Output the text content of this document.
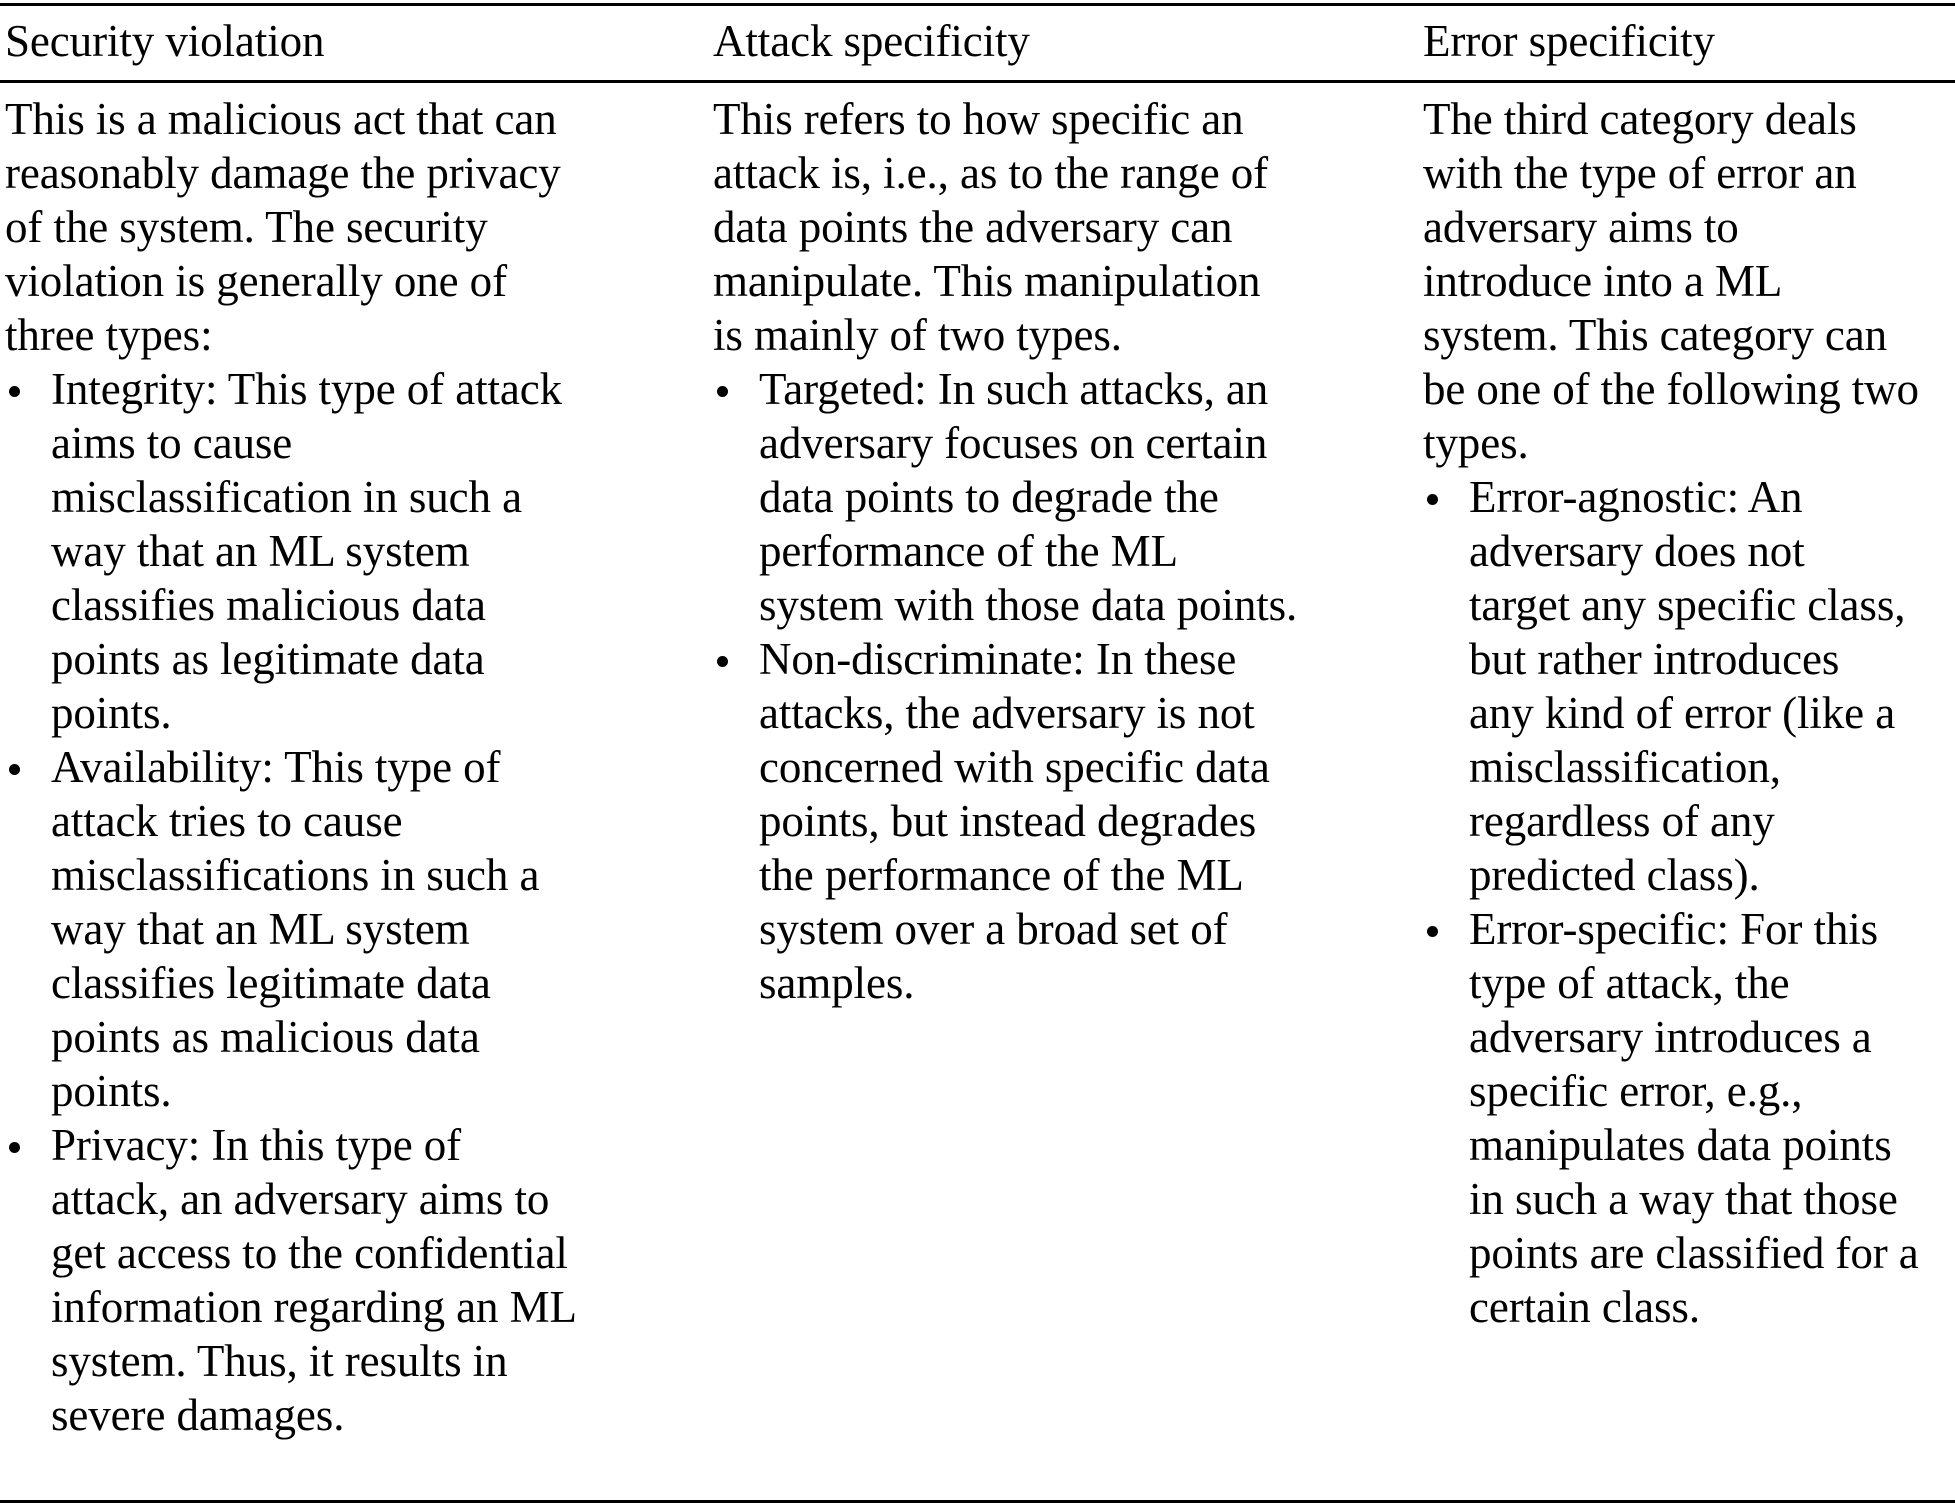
Security violation	Attack specificity	Error specificity
This is a malicious act that can
reasonably damage the privacy
of the system. The security
violation is generally one of
three types:
Integrity: This type of attack
aims to cause
misclassification in such a
way that an ML system
classifies malicious data
points as legitimate data
points.
Availability: This type of
attack tries to cause
misclassifications in such a
way that an ML system
classifies legitimate data
points as malicious data
points.
Privacy: In this type of
attack, an adversary aims to
get access to the confidential
information regarding an ML
system. Thus, it results in
severe damages.
This refers to how specific an
attack is, i.e., as to the range of
data points the adversary can
manipulate. This manipulation
is mainly of two types.
Targeted: In such attacks, an
adversary focuses on certain
data points to degrade the
performance of the ML
system with those data points.
Non-discriminate: In these
attacks, the adversary is not
concerned with specific data
points, but instead degrades
the performance of the ML
system over a broad set of
samples.
The third category deals
with the type of error an
adversary aims to
introduce into a ML
system. This category can
be one of the following two
types.
Error-agnostic: An
adversary does not
target any specific class,
but rather introduces
any kind of error (like a
misclassification,
regardless of any
predicted class).
Error-specific: For this
type of attack, the
adversary introduces a
specific error, e.g.,
manipulates data points
in such a way that those
points are classified for a
certain class.
